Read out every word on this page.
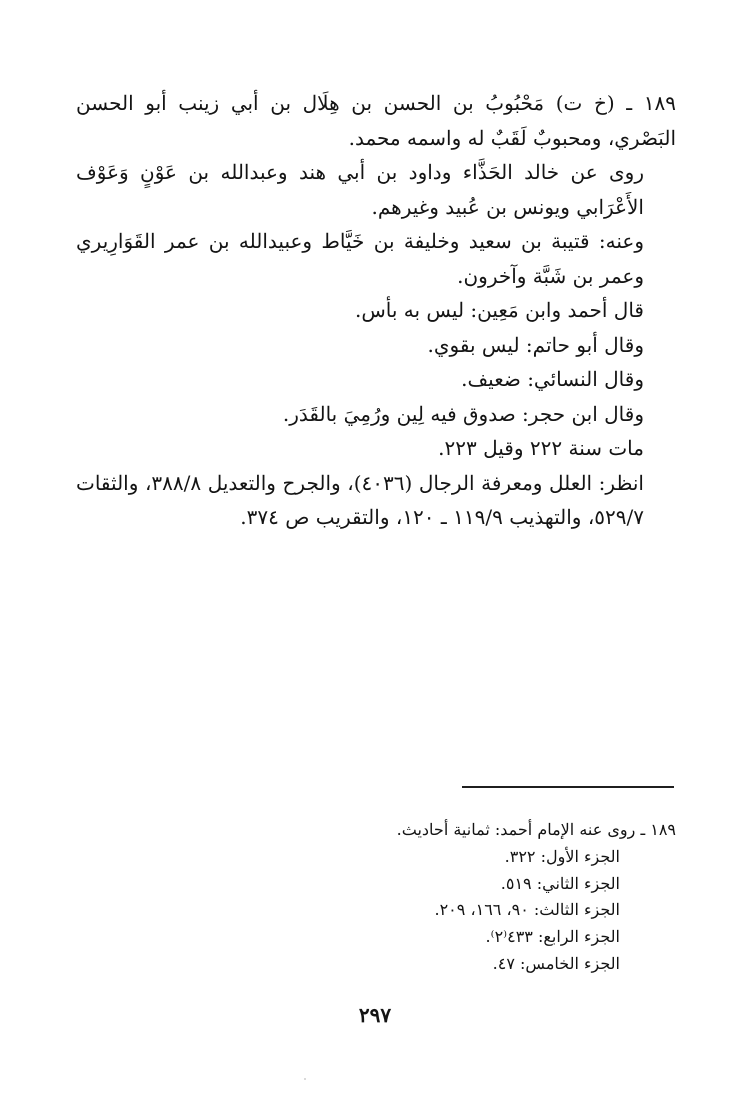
١٨٩ ـ (خ ت) مَحْبُوبُ بن الحسن بن هِلَال بن أبي زينب أبو الحسن البَصْري، ومحبوبٌ لَقَبٌ له واسمه محمد.

روى عن خالد الحَذَّاء وداود بن أبي هند وعبدالله بن عَوْنٍ وَعَوْف الأَعْرَابي ويونس بن عُبيد وغيرهم.

وعنه: قتيبة بن سعيد وخليفة بن خَيَّاط وعبيدالله بن عمر القَوَارِيري وعمر بن شَبَّة وآخرون.

قال أحمد وابن مَعِين: ليس به بأس.

وقال أبو حاتم: ليس بقوي.

وقال النسائي: ضعيف.

وقال ابن حجر: صدوق فيه لِين ورُمِيَ بالقَدَر.

مات سنة ٢٢٢ وقيل ٢٢٣.

انظر: العلل ومعرفة الرجال (٤٠٣٦)، والجرح والتعديل ٣٨٨/٨، والثقات ٥٢٩/٧، والتهذيب ١١٩/٩ ـ ١٢٠، والتقريب ص ٣٧٤.

١٨٩ ـ روى عنه الإمام أحمد: ثمانية أحاديث.

الجزء الأول: ٣٢٢.

الجزء الثاني: ٥١٩.

الجزء الثالث: ٩٠، ١٦٦، ٢٠٩.

الجزء الرابع: ٤٣٣⁽٢⁾.

الجزء الخامس: ٤٧.

٢٩٧
